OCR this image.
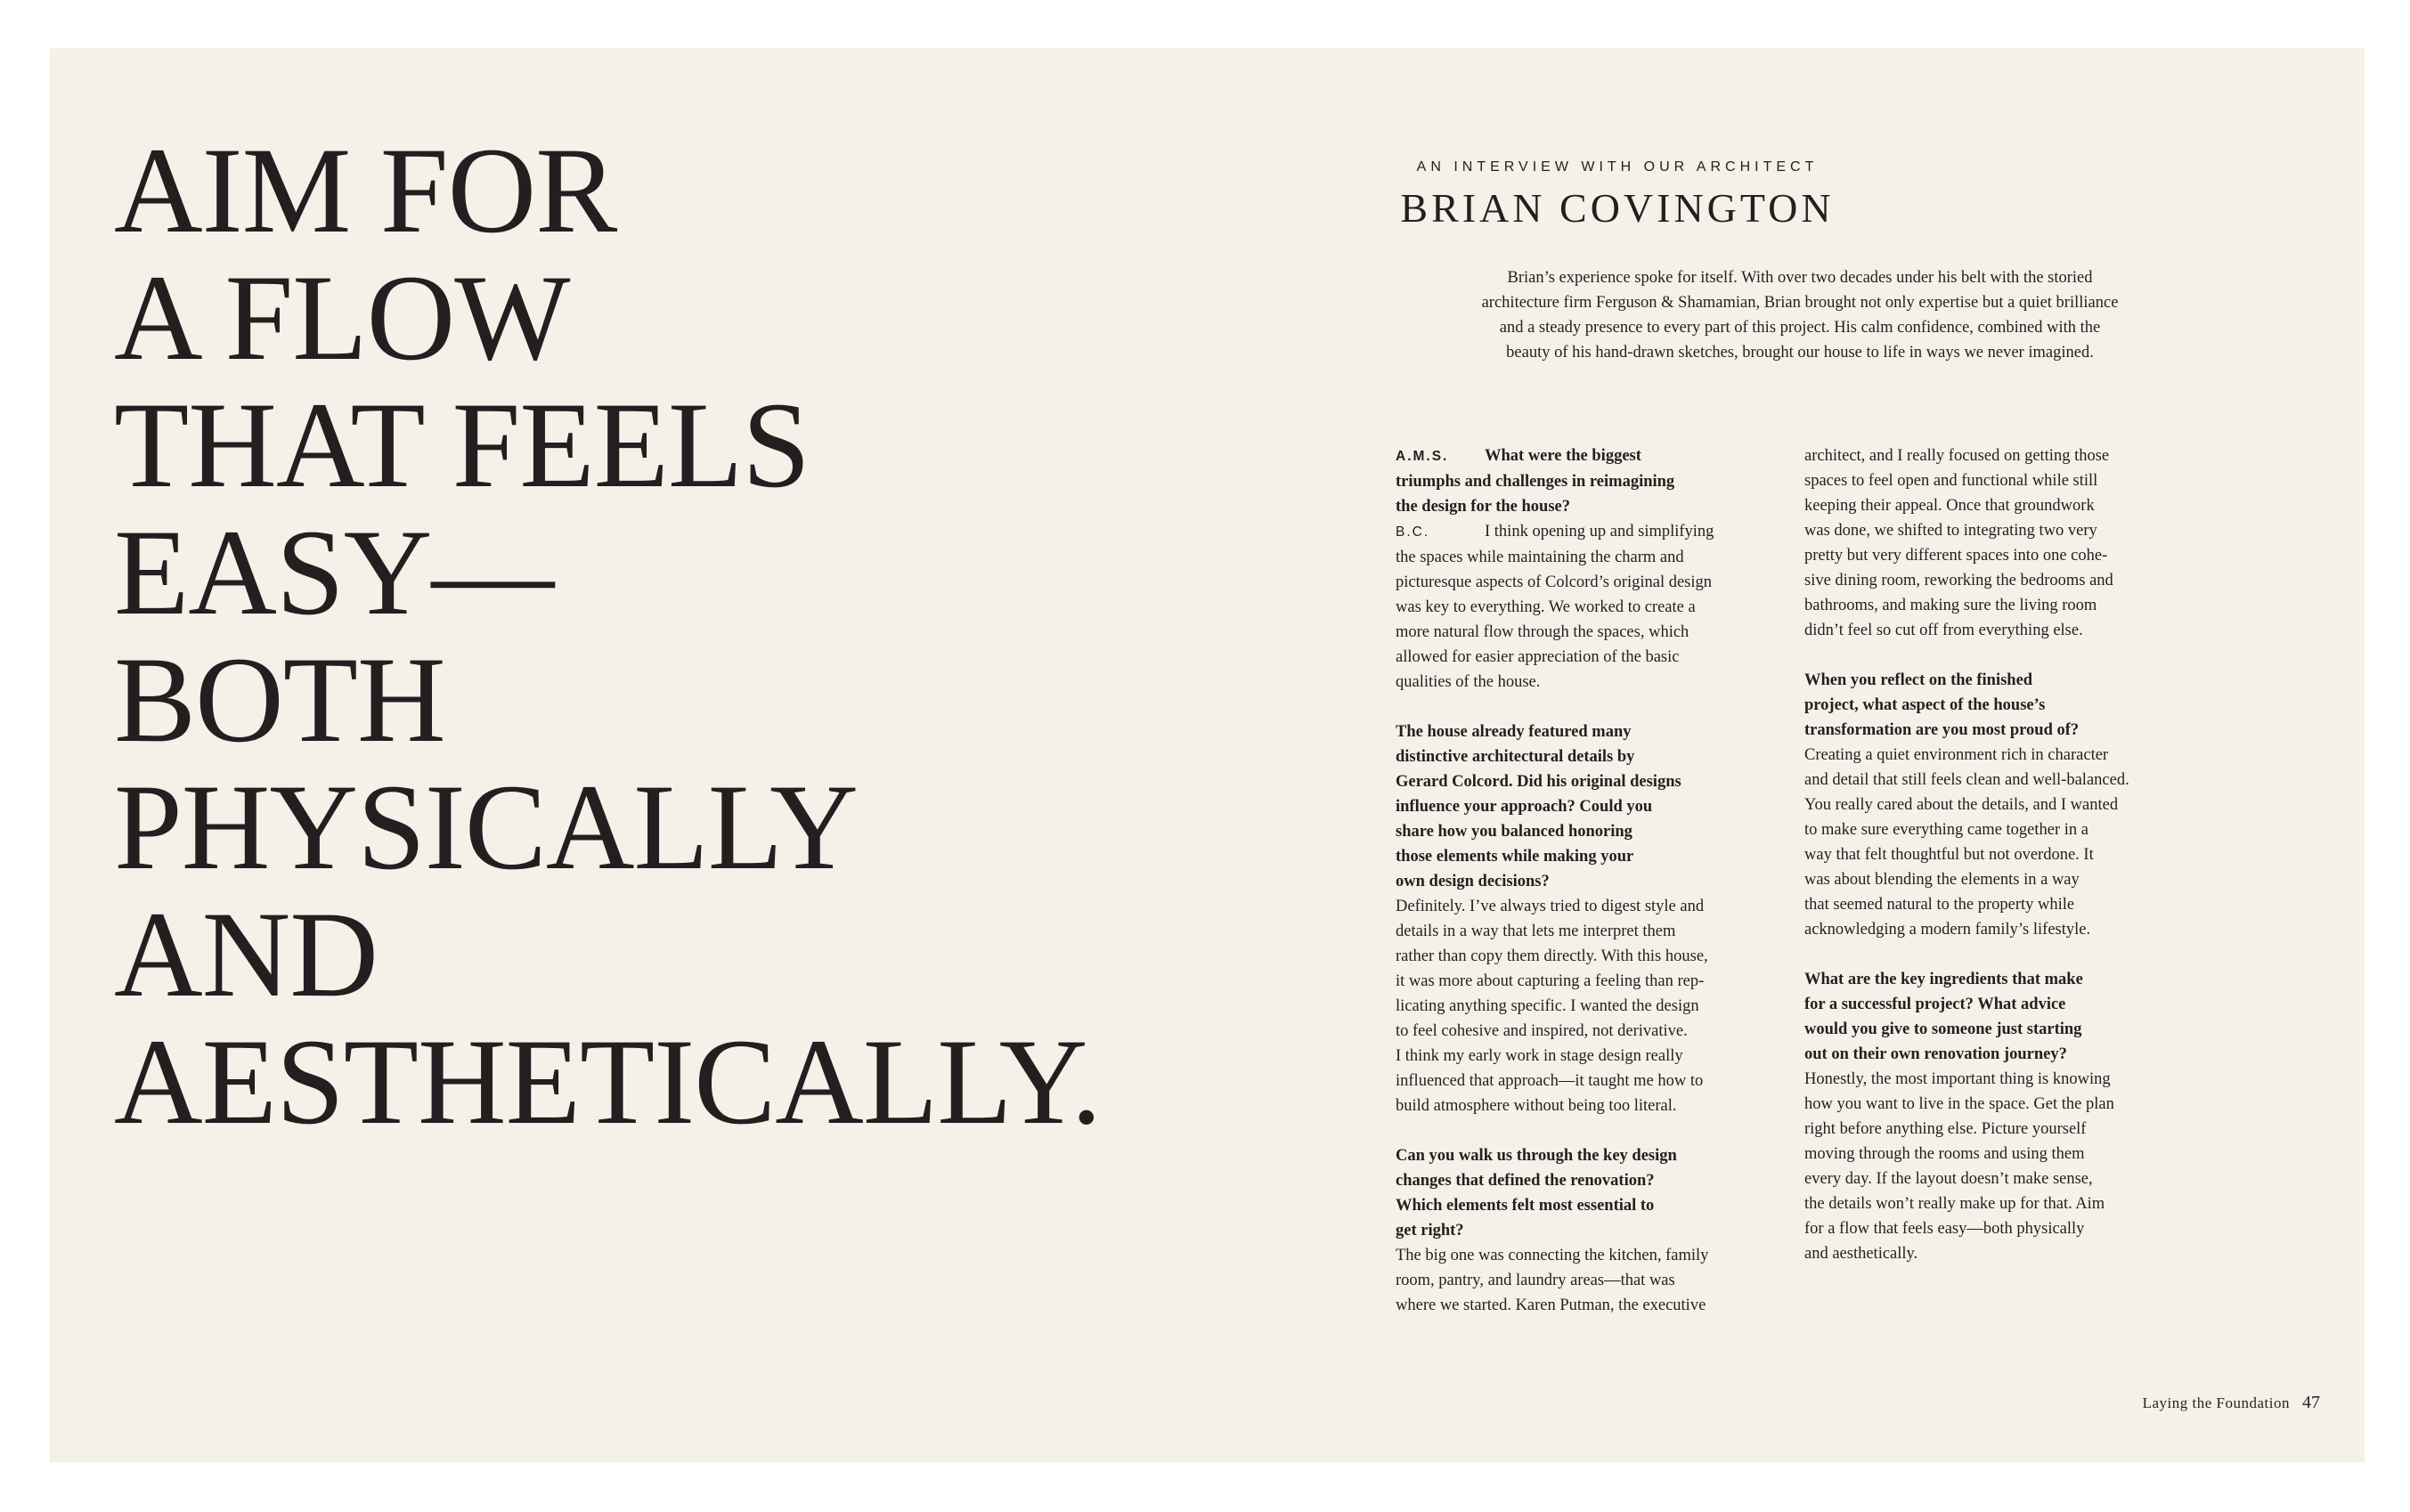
AIM FOR
A FLOW
THAT FEELS
EASY—
BOTH
PHYSICALLY
AND
AESTHETICALLY.
AN INTERVIEW WITH OUR ARCHITECT
BRIAN COVINGTON

Brian’s experience spoke for itself. With over two decades under his belt with the storied
architecture firm Ferguson & Shamamian, Brian brought not only expertise but a quiet brilliance
and a steady presence to every part of this project. His calm confidence, combined with the
beauty of his hand-drawn sketches, brought our house to life in ways we never imagined.

A.M.S. What were the biggest
triumphs and challenges in reimagining
the design for the house?

B.C.	I think opening up and simplifying
the spaces while maintaining the charm and
picturesque aspects of Colcord’s original design
was key to everything. We worked to create a
more natural flow through the spaces, which
allowed for easier appreciation of the basic
qualities of the house.

The house already featured many
distinctive architectural details by
Gerard Colcord. Did his original designs
influence your approach? Could you
share how you balanced honoring
those elements while making your
own design decisions?

Definitely. I’ve always tried to digest style and
details in a way that lets me interpret them
rather than copy them directly. With this house,
it was more about capturing a feeling than rep-
licating anything specific. I wanted the design
to feel cohesive and inspired, not derivative.
I think my early work in stage design really
influenced that approach—it taught me how to
build atmosphere without being too literal.

Can you walk us through the key design
changes that defined the renovation?
Which elements felt most essential to
get right?

The big one was connecting the kitchen, family
room, pantry, and laundry areas—that was
where we started. Karen Putman, the executive

architect, and I really focused on getting those
spaces to feel open and functional while still
keeping their appeal. Once that groundwork
was done, we shifted to integrating two very
pretty but very different spaces into one cohe-
sive dining room, reworking the bedrooms and
bathrooms, and making sure the living room
didn’t feel so cut off from everything else.

When you reflect on the finished
project, what aspect of the house’s
transformation are you most proud of?

Creating a quiet environment rich in character
and detail that still feels clean and well-balanced.
You really cared about the details, and I wanted
to make sure everything came together in a
way that felt thoughtful but not overdone. It
was about blending the elements in a way
that seemed natural to the property while
acknowledging a modern family’s lifestyle.

What are the key ingredients that make
for a successful project? What advice
would you give to someone just starting
out on their own renovation journey?

Honestly, the most important thing is knowing
how you want to live in the space. Get the plan
right before anything else. Picture yourself
moving through the rooms and using them
every day. If the layout doesn’t make sense,
the details won’t really make up for that. Aim
for a flow that feels easy—both physically
and aesthetically.

Laying the Foundation 47
